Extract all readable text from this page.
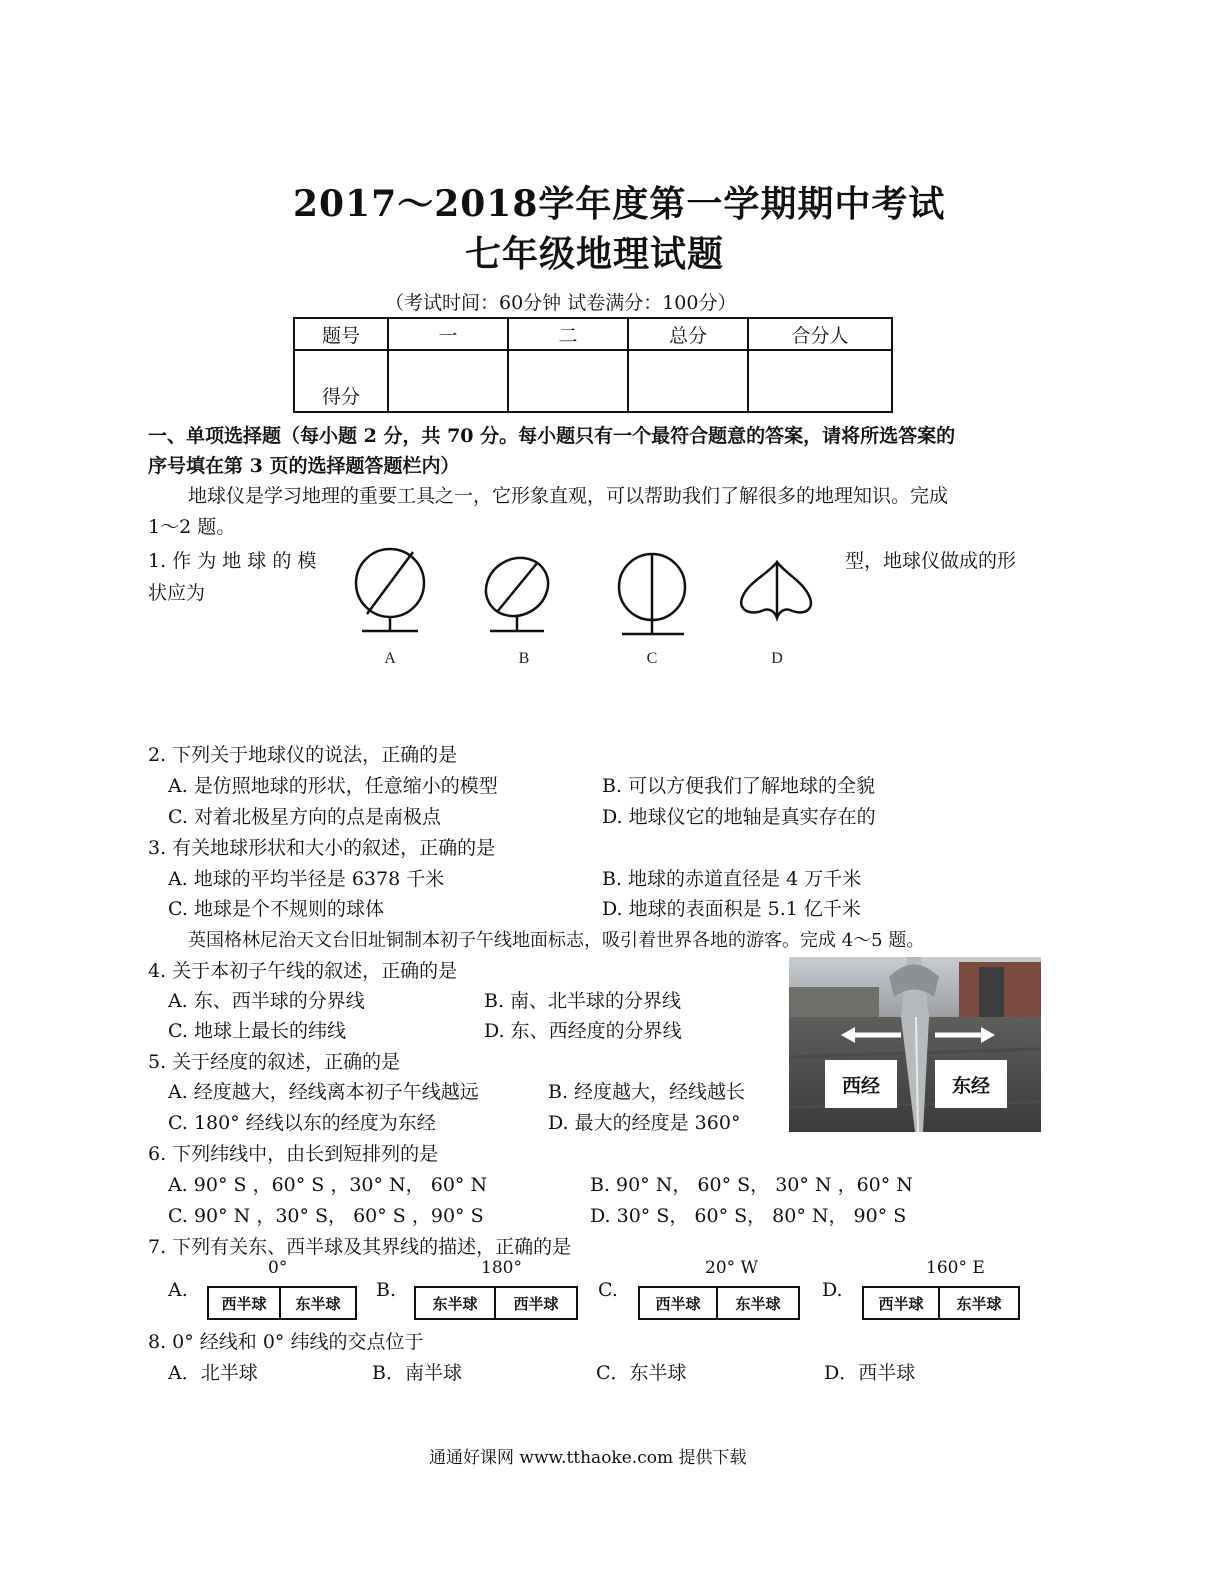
2017～2018学年度第一学期期中考试
七年级地理试题
（考试时间：60分钟 试卷满分：100分）
题号	一	二	总分	合分人
得分				
一、单项选择题（每小题 2 分，共 70 分。每小题只有一个最符合题意的答案，请将所选答案的
序号填在第 3 页的选择题答题栏内）
地球仪是学习地理的重要工具之一，它形象直观，可以帮助我们了解很多的地理知识。完成
1～2 题。
1. 作 为 地 球 的 模	型，地球仪做成的形
状应为
A	B	C	D
2. 下列关于地球仪的说法，正确的是
A. 是仿照地球的形状，任意缩小的模型	B. 可以方便我们了解地球的全貌
C. 对着北极星方向的点是南极点	D. 地球仪它的地轴是真实存在的
3. 有关地球形状和大小的叙述，正确的是
A. 地球的平均半径是 6378 千米	B. 地球的赤道直径是 4 万千米
C. 地球是个不规则的球体	D. 地球的表面积是 5.1 亿千米
英国格林尼治天文台旧址铜制本初子午线地面标志，吸引着世界各地的游客。完成 4～5 题。
4. 关于本初子午线的叙述，正确的是
A. 东、西半球的分界线	B. 南、北半球的分界线
C. 地球上最长的纬线	D. 东、西经度的分界线
西经	东经
5. 关于经度的叙述，正确的是
A. 经度越大，经线离本初子午线越远	B. 经度越大，经线越长
C. 180° 经线以东的经度为东经	D. 最大的经度是 360°
6. 下列纬线中，由长到短排列的是
A. 90° S ，60° S ，30° N， 60° N	B. 90° N， 60° S， 30° N ，60° N
C. 90° N ，30° S， 60° S ，90° S	D. 30° S， 60° S， 80° N， 90° S
7. 下列有关东、西半球及其界线的描述，正确的是
A.
0°
西半球	东半球
B.
180°
东半球	西半球
C.
20° W
西半球	东半球
D.
160° E
西半球	东半球
8. 0° 经线和 0° 纬线的交点位于
A．北半球	B．南半球	C．东半球	D．西半球
通通好课网 www.tthaoke.com 提供下载
